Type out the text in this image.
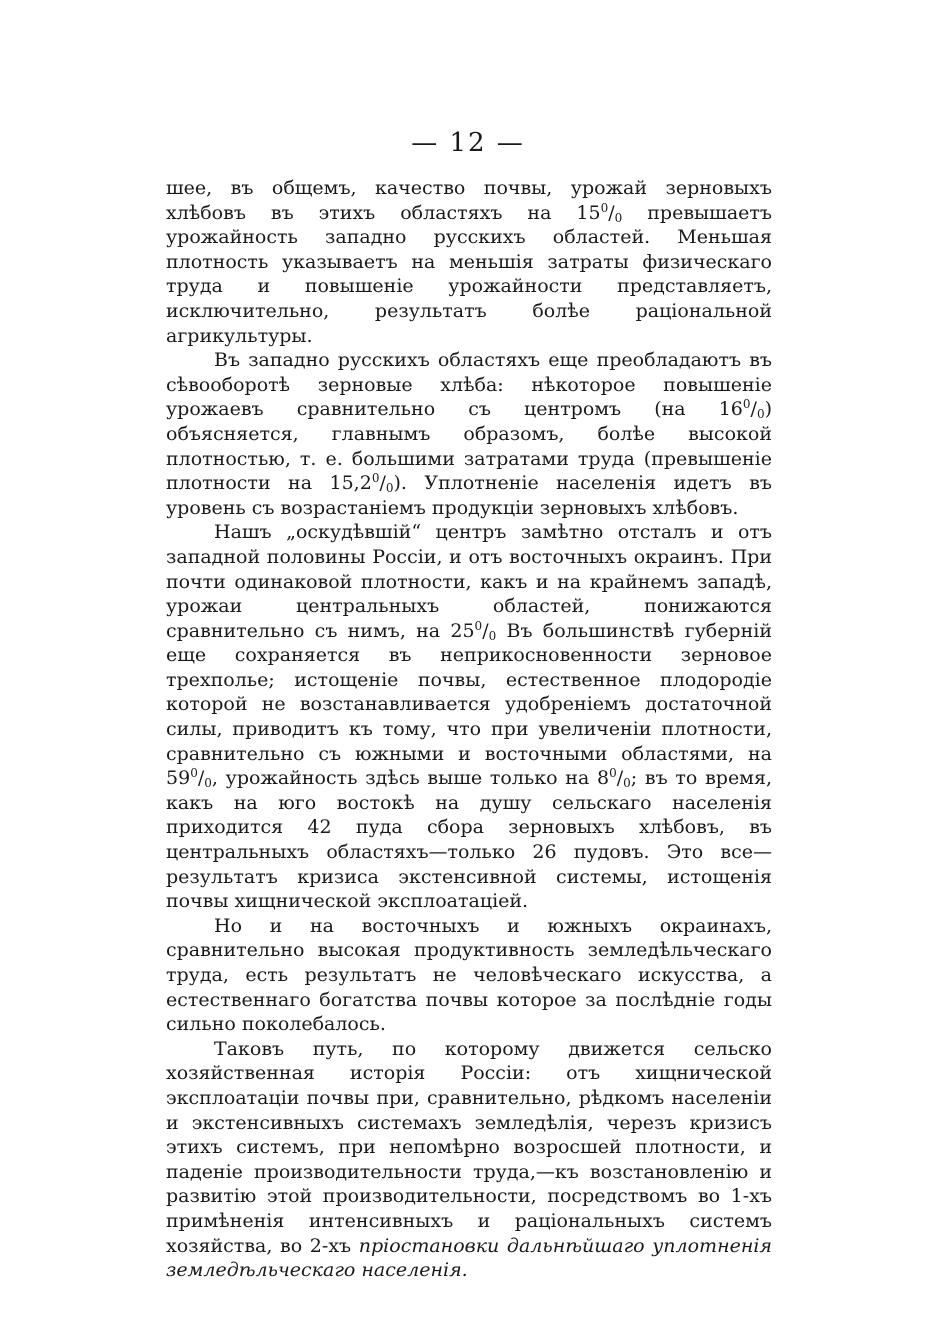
— 12 —

шее, въ общемъ, качество почвы, урожай зерновыхъ хлѣбовъ въ этихъ областяхъ на $15^0/_0$ превышаетъ урожайность западно русскихъ областей. Меньшая плотность указываетъ на меньшія затраты физическаго труда и повышеніе урожайности представляетъ, исключительно, результатъ болѣе раціональной агрикультуры.

Въ западно русскихъ областяхъ еще преобладаютъ въ сѣвооборотѣ зерновые хлѣба: нѣкоторое повышеніе урожаевъ сравнительно съ центромъ (на $16^0/_0$) объясняется, главнымъ образомъ, болѣе высокой плотностью, т. е. большими затратами труда (превышеніе плотности на $15,2^0/_0$). Уплотненіе населенія идетъ въ уровень съ возрастаніемъ продукціи зерновыхъ хлѣбовъ.

Нашъ „оскудѣвшій“ центръ замѣтно отсталъ и отъ западной половины Россіи, и отъ восточныхъ окраинъ. При почти одинаковой плотности, какъ и на крайнемъ западѣ, урожаи центральныхъ областей, понижаются сравнительно съ нимъ, на $25^0/_0$ Въ большинствѣ губерній еще сохраняется въ неприкосновенности зерновое трехполье; истощеніе почвы, естественное плодородіе которой не возстанавливается удобреніемъ достаточной силы, приводитъ къ тому, что при увеличеніи плотности, сравнительно съ южными и восточными областями, на $59^0/_0$, урожайность здѣсь выше только на $8^0/_0$; въ то время, какъ на юго востокѣ на душу сельскаго населенія приходится 42 пуда сбора зерновыхъ хлѣбовъ, въ центральныхъ областяхъ—только 26 пудовъ. Это все—результатъ кризиса экстенсивной системы, истощенія почвы хищнической эксплоатаціей.

Но и на восточныхъ и южныхъ окраинахъ, сравнительно высокая продуктивность земледѣльческаго труда, есть результатъ не человѣческаго искусства, а естественнаго богатства почвы которое за послѣдніе годы сильно поколебалось.

Таковъ путь, по которому движется сельско хозяйственная исторія Россіи: отъ хищнической эксплоатаціи почвы при, сравнительно, рѣдкомъ населеніи и экстенсивныхъ системахъ земледѣлія, черезъ кризисъ этихъ системъ, при непомѣрно возросшей плотности, и паденіе производительности труда,—къ возстановленію и развитію этой производительности, посредствомъ во 1-хъ примѣненія интенсивныхъ и раціональныхъ системъ хозяйства, во 2-хъ пріостановки дальнѣйшаго уплотненія земледѣльческаго населенія.
